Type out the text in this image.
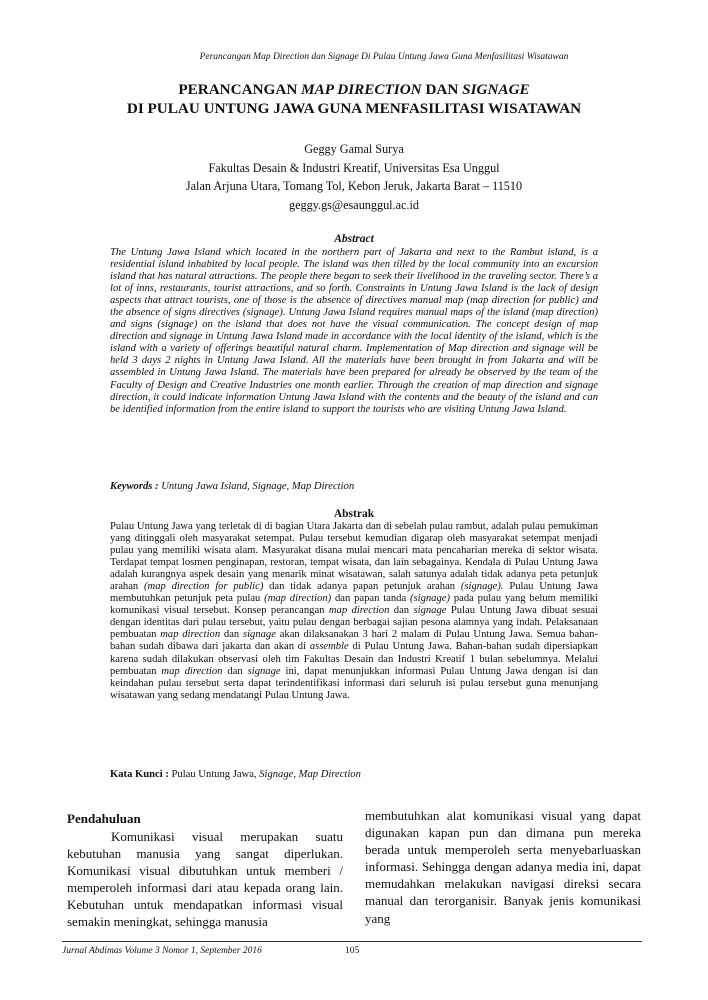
Perancangan Map Direction dan Signage Di Pulau Untung Jawa Guna Menfasilitasi Wisatawan
PERANCANGAN MAP DIRECTION DAN SIGNAGE
DI PULAU UNTUNG JAWA GUNA MENFASILITASI WISATAWAN
Geggy Gamal Surya
Fakultas Desain & Industri Kreatif, Universitas Esa Unggul
Jalan Arjuna Utara, Tomang Tol, Kebon Jeruk, Jakarta Barat – 11510
geggy.gs@esaunggul.ac.id
Abstract
The Untung Jawa Island which located in the northern part of Jakarta and next to the Rambut island, is a residential island inhabited by local people. The island was then tilled by the local community into an excursion island that has natural attractions. The people there began to seek their livelihood in the traveling sector. There’s a lot of inns, restaurants, tourist attractions, and so forth. Constraints in Untung Jawa Island is the lack of design aspects that attract tourists, one of those is the absence of directives manual map (map direction for public) and the absence of signs directives (signage). Untung Jawa Island requires manual maps of the island (map direction) and signs (signage) on the island that does not have the visual communication. The concept design of map direction and signage in Untung Jawa Island made in accordance with the local identity of the island, which is the island with a variety of offerings beautiful natural charm. Implementation of Map direction and signage will be held 3 days 2 nights in Untung Jawa Island. All the materials have been brought in from Jakarta and will be assembled in Untung Jawa Island. The materials have been prepared for already be observed by the team of the Faculty of Design and Creative Industries one month earlier. Through the creation of map direction and signage direction, it could indicate information Untung Jawa Island with the contents and the beauty of the island and can be identified information from the entire island to support the tourists who are visiting Untung Jawa Island.
Keywords : Untung Jawa Island, Signage, Map Direction
Abstrak
Pulau Untung Jawa yang terletak di di bagian Utara Jakarta dan di sebelah pulau rambut, adalah pulau pemukiman yang ditinggali oleh masyarakat setempat. Pulau tersebut kemudian digarap oleh masyarakat setempat menjadi pulau yang memiliki wisata alam. Masyarakat disana mulai mencari mata pencaharian mereka di sektor wisata. Terdapat tempat losmen penginapan, restoran, tempat wisata, dan lain sebagainya. Kendala di Pulau Untung Jawa adalah kurangnya aspek desain yang menarik minat wisatawan, salah satunya adalah tidak adanya peta petunjuk arahan (map direction for public) dan tidak adanya papan petunjuk arahan (signage). Pulau Untung Jawa membutuhkan petunjuk peta pulau (map direction) dan papan tanda (signage) pada pulau yang belum memiliki komunikasi visual tersebut. Konsep perancangan map direction dan signage Pulau Untung Jawa dibuat sesuai dengan identitas dari pulau tersebut, yaitu pulau dengan berbagai sajian pesona alamnya yang indah. Pelaksanaan pembuatan map direction dan signage akan dilaksanakan 3 hari 2 malam di Pulau Untung Jawa. Semua bahan-bahan sudah dibawa dari jakarta dan akan di assemble di Pulau Untung Jawa. Bahan-bahan sudah dipersiapkan karena sudah dilakukan observasi oleh tim Fakultas Desain dan Industri Kreatif 1 bulan sebelumnya. Melalui pembuatan map direction dan signage ini, dapat menunjukkan informasi Pulau Untung Jawa dengan isi dan keindahan pulau tersebut serta dapat terindentifikasi informasi dari seluruh isi pulau tersebut guna menunjang wisatawan yang sedang mendatangi Pulau Untung Jawa.
Kata Kunci : Pulau Untung Jawa, Signage, Map Direction
Pendahuluan

Komunikasi visual merupakan suatu kebutuhan manusia yang sangat diperlukan. Komunikasi visual dibutuhkan untuk memberi / memperoleh informasi dari atau kepada orang lain. Kebutuhan untuk mendapatkan informasi visual semakin meningkat, sehingga manusia

membutuhkan alat komunikasi visual yang dapat digunakan kapan pun dan dimana pun mereka berada untuk memperoleh serta menyebarluaskan informasi. Sehingga dengan adanya media ini, dapat memudahkan melakukan navigasi direksi secara manual dan terorganisir. Banyak jenis komunikasi yang

Jurnal Abdimas Volume 3 Nomor 1, September 2016	105
